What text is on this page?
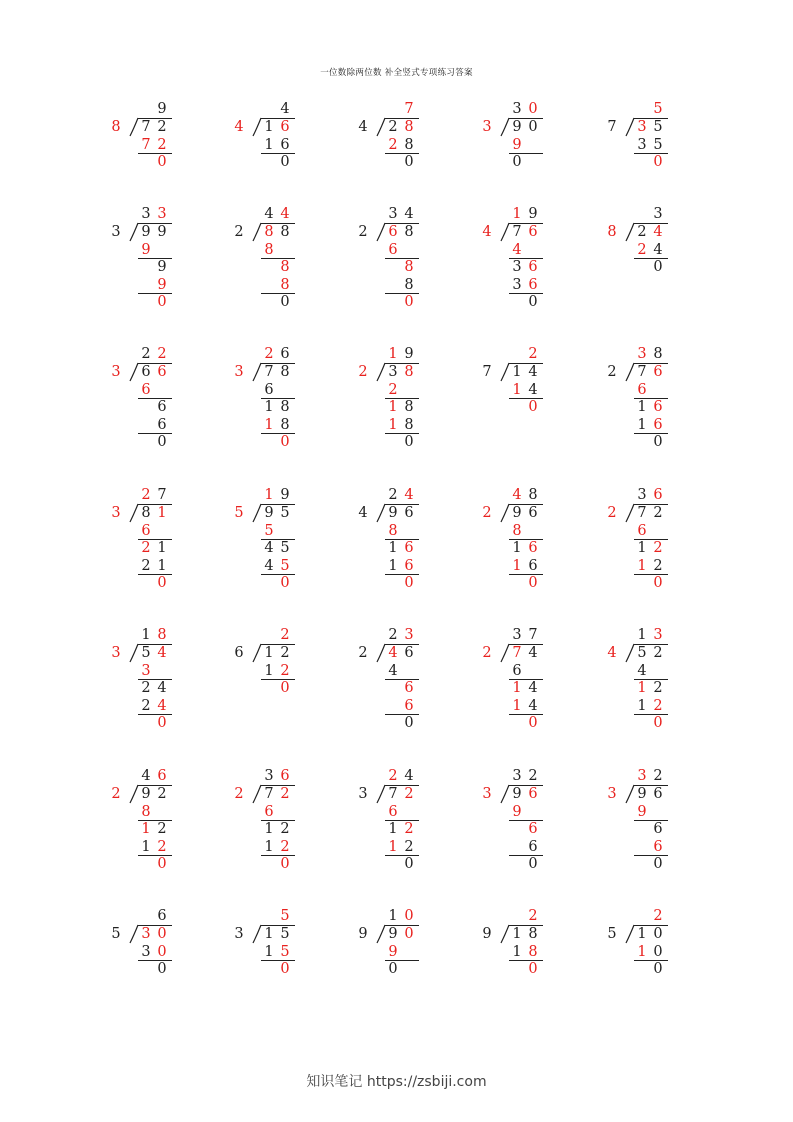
一位数除两位数 补全竖式专项练习答案
9
8 7 2
7 2
0
4
4 1 6
1 6
0
7
4 2 8
2 8
0
3 0
3 9 0
9
0
5
7 3 5
3 5
0
3 3
3 9 9
9
9
9
0
4 4
2 8 8
8
8
8
0
3 4
2 6 8
6
8
8
0
1 9
4 7 6
4
3 6
3 6
0
3
8 2 4
2 4
0
2 2
3 6 6
6
6
6
0
2 6
3 7 8
6
1 8
1 8
0
1 9
2 3 8
2
1 8
1 8
0
2
7 1 4
1 4
0
3 8
2 7 6
6
1 6
1 6
0
2 7
3 8 1
6
2 1
2 1
0
1 9
5 9 5
5
4 5
4 5
0
2 4
4 9 6
8
1 6
1 6
0
4 8
2 9 6
8
1 6
1 6
0
3 6
2 7 2
6
1 2
1 2
0
1 8
3 5 4
3
2 4
2 4
0
2
6 1 2
1 2
0
2 3
2 4 6
4
6
6
0
3 7
2 7 4
6
1 4
1 4
0
1 3
4 5 2
4
1 2
1 2
0
4 6
2 9 2
8
1 2
1 2
0
3 6
2 7 2
6
1 2
1 2
0
2 4
3 7 2
6
1 2
1 2
0
3 2
3 9 6
9
6
6
0
3 2
3 9 6
9
6
6
0
6
5 3 0
3 0
0
5
3 1 5
1 5
0
1 0
9 9 0
9
0
2
9 1 8
1 8
0
2
5 1 0
1 0
0
知识笔记 https://zsbiji.com
